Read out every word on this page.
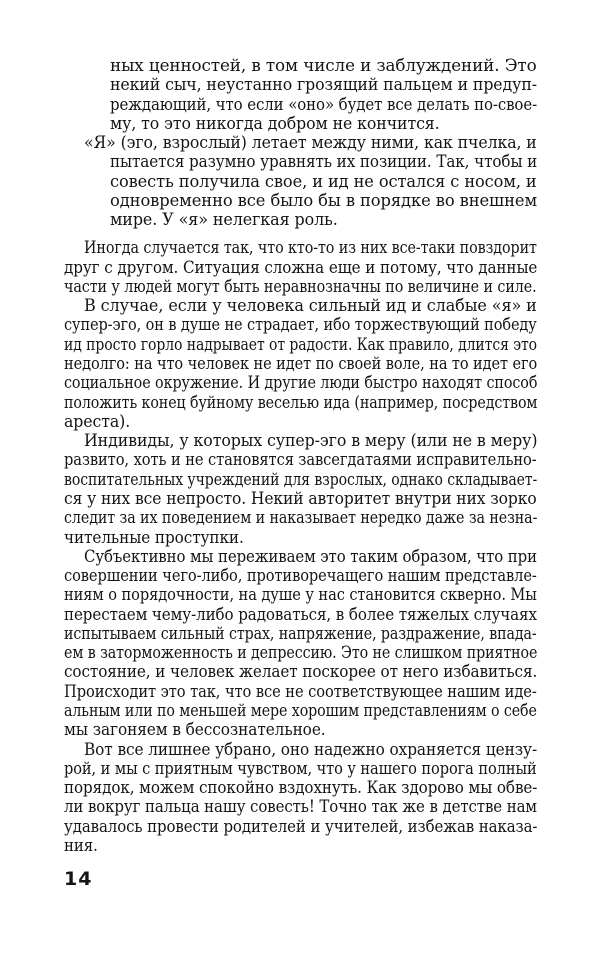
ных ценностей, в том числе и заблуждений. Это
некий сыч, неустанно грозящий пальцем и предуп-
реждающий, что если «оно» будет все делать по-свое-
му, то это никогда добром не кончится.
«Я» (эго, взрослый) летает между ними, как пчелка, и
пытается разумно уравнять их позиции. Так, чтобы и
совесть получила свое, и ид не остался с носом, и
одновременно все было бы в порядке во внешнем
мире. У «я» нелегкая роль.
Иногда случается так, что кто-то из них все-таки повздорит
друг с другом. Ситуация сложна еще и потому, что данные
части у людей могут быть неравнозначны по величине и силе.
В случае, если у человека сильный ид и слабые «я» и
супер-эго, он в душе не страдает, ибо торжествующий победу
ид просто горло надрывает от радости. Как правило, длится это
недолго: на что человек не идет по своей воле, на то идет его
социальное окружение. И другие люди быстро находят способ
положить конец буйному веселью ида (например, посредством
ареста).
Индивиды, у которых супер-эго в меру (или не в меру)
развито, хоть и не становятся завсегдатаями исправительно-
воспитательных учреждений для взрослых, однако складывает-
ся у них все непросто. Некий авторитет внутри них зорко
следит за их поведением и наказывает нередко даже за незна-
чительные проступки.
Субъективно мы переживаем это таким образом, что при
совершении чего-либо, противоречащего нашим представле-
ниям о порядочности, на душе у нас становится скверно. Мы
перестаем чему-либо радоваться, в более тяжелых случаях
испытываем сильный страх, напряжение, раздражение, впада-
ем в заторможенность и депрессию. Это не слишком приятное
состояние, и человек желает поскорее от него избавиться.
Происходит это так, что все не соответствующее нашим иде-
альным или по меньшей мере хорошим представлениям о себе
мы загоняем в бессознательное.
Вот все лишнее убрано, оно надежно охраняется цензу-
рой, и мы с приятным чувством, что у нашего порога полный
порядок, можем спокойно вздохнуть. Как здорово мы обве-
ли вокруг пальца нашу совесть! Точно так же в детстве нам
удавалось провести родителей и учителей, избежав наказа-
ния.
14
